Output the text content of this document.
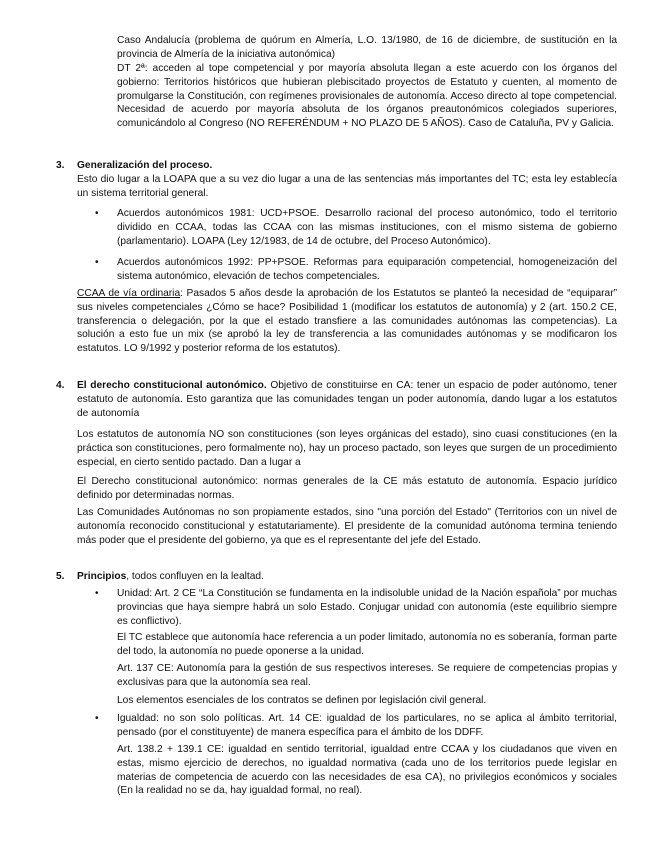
Caso Andalucía (problema de quórum en Almería, L.O. 13/1980, de 16 de diciembre, de sustitución en la provincia de Almería de la iniciativa autonómica)

DT 2ª: acceden al tope competencial y por mayoría absoluta llegan a este acuerdo con los órganos del gobierno: Territorios históricos que hubieran plebiscitado proyectos de Estatuto y cuenten, al momento de promulgarse la Constitución, con regímenes provisionales de autonomía. Acceso directo al tope competencial. Necesidad de acuerdo por mayoría absoluta de los órganos preautonómicos colegiados superiores, comunicándolo al Congreso (NO REFERÉNDUM + NO PLAZO DE 5 AÑOS). Caso de Cataluña, PV y Galicia.

3. Generalización del proceso.

Esto dio lugar a la LOAPA que a su vez dio lugar a una de las sentencias más importantes del TC; esta ley establecía un sistema territorial general.

•	Acuerdos autonómicos 1981: UCD+PSOE. Desarrollo racional del proceso autonómico, todo el territorio dividido en CCAA, todas las CCAA con las mismas instituciones, con el mismo sistema de gobierno (parlamentario). LOAPA (Ley 12/1983, de 14 de octubre, del Proceso Autonómico).

•	Acuerdos autonómicos 1992: PP+PSOE. Reformas para equiparación competencial, homogeneización del sistema autonómico, elevación de techos competenciales.

CCAA de vía ordinaria: Pasados 5 años desde la aprobación de los Estatutos se planteó la necesidad de “equiparar” sus niveles competenciales ¿Cómo se hace? Posibilidad 1 (modificar los estatutos de autonomía) y 2 (art. 150.2 CE, transferencia o delegación, por la que el estado transfiere a las comunidades autónomas las competencias). La solución a esto fue un mix (se aprobó la ley de transferencia a las comunidades autónomas y se modificaron los estatutos. LO 9/1992 y posterior reforma de los estatutos).

4.	El derecho constitucional autonómico. Objetivo de constituirse en CA: tener un espacio de poder autónomo, tener estatuto de autonomía. Esto garantiza que las comunidades tengan un poder autonomía, dando lugar a los estatutos de autonomía

Los estatutos de autonomía NO son constituciones (son leyes orgánicas del estado), sino cuasi constituciones (en la práctica son constituciones, pero formalmente no), hay un proceso pactado, son leyes que surgen de un procedimiento especial, en cierto sentido pactado. Dan a lugar a

El Derecho constitucional autonómico: normas generales de la CE más estatuto de autonomía. Espacio jurídico definido por determinadas normas.

Las Comunidades Autónomas no son propiamente estados, sino "una porción del Estado" (Territorios con un nivel de autonomía reconocido constitucional y estatutariamente). El presidente de la comunidad autónoma termina teniendo más poder que el presidente del gobierno, ya que es el representante del jefe del Estado.

5. Principios, todos confluyen en la lealtad.
•	Unidad: Art. 2 CE “La Constitución se fundamenta en la indisoluble unidad de la Nación española” por muchas provincias que haya siempre habrá un solo Estado. Conjugar unidad con autonomía (este equilibrio siempre es conflictivo).

El TC establece que autonomía hace referencia a un poder limitado, autonomía no es soberanía, forman parte del todo, la autonomía no puede oponerse a la unidad.

Art. 137 CE: Autonomía para la gestión de sus respectivos intereses. Se requiere de competencias propias y exclusivas para que la autonomía sea real.

Los elementos esenciales de los contratos se definen por legislación civil general.

•	Igualdad: no son solo políticas. Art. 14 CE: igualdad de los particulares, no se aplica al ámbito territorial, pensado (por el constituyente) de manera específica para el ámbito de los DDFF.

Art. 138.2 + 139.1 CE: igualdad en sentido territorial, igualdad entre CCAA y los ciudadanos que viven en estas, mismo ejercicio de derechos, no igualdad normativa (cada uno de los territorios puede legislar en materias de competencia de acuerdo con las necesidades de esa CA), no privilegios económicos y sociales (En la realidad no se da, hay igualdad formal, no real).
